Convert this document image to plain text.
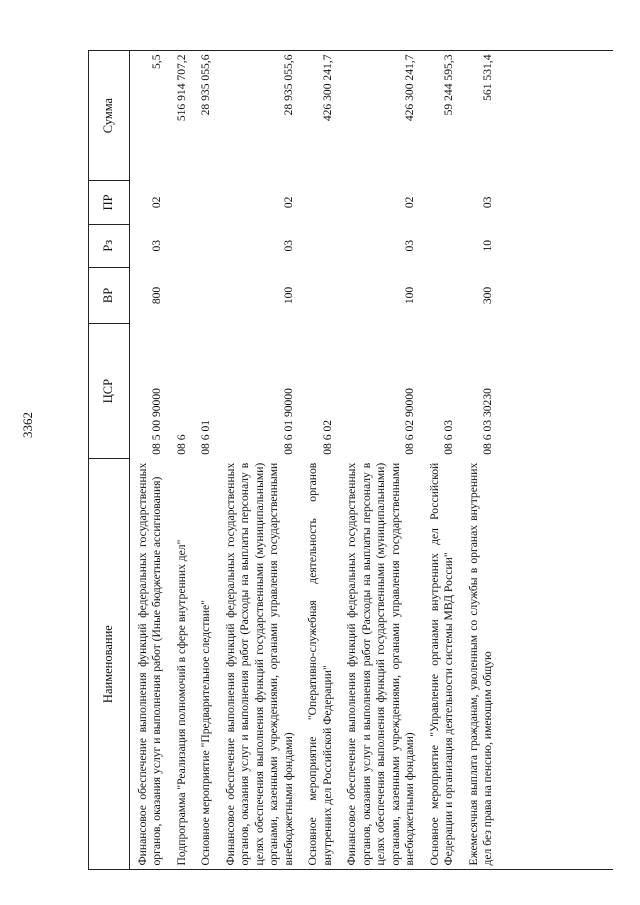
3362
Наименование	ЦСР	ВР	Рз	ПР	Сумма
Финансовое обеспечение выполнения функций федеральных государственных органов, оказания услуг и выполнения работ (Иные бюджетные ассигнования)	08 5 00 90000	800	03	02	5,5
Подпрограмма "Реализация полномочий в сфере внутренних дел"	08 6				516 914 707,2
Основное мероприятие "Предварительное следствие"	08 6 01				28 935 055,6
Финансовое обеспечение выполнения функций федеральных государственных органов, оказания услуг и выполнения работ (Расходы на выплаты персоналу в целях обеспечения выполнения функций государственными (муниципальными) органами, казенными учреждениями, органами управления государственными внебюджетными фондами)	08 6 01 90000	100	03	02	28 935 055,6
Основное мероприятие "Оперативно-служебная деятельность органов внутренних дел Российской Федерации"	08 6 02				426 300 241,7
Финансовое обеспечение выполнения функций федеральных государственных органов, оказания услуг и выполнения работ (Расходы на выплаты персоналу в целях обеспечения выполнения функций государственными (муниципальными) органами, казенными учреждениями, органами управления государственными внебюджетными фондами)	08 6 02 90000	100	03	02	426 300 241,7
Основное мероприятие "Управление органами внутренних дел Российской Федерации и организация деятельности системы МВД России"	08 6 03				59 244 595,3
Ежемесячная выплата гражданам, уволенным со службы в органах внутренних дел без права на пенсию, имеющим общую	08 6 03 30230	300	10	03	561 531,4
